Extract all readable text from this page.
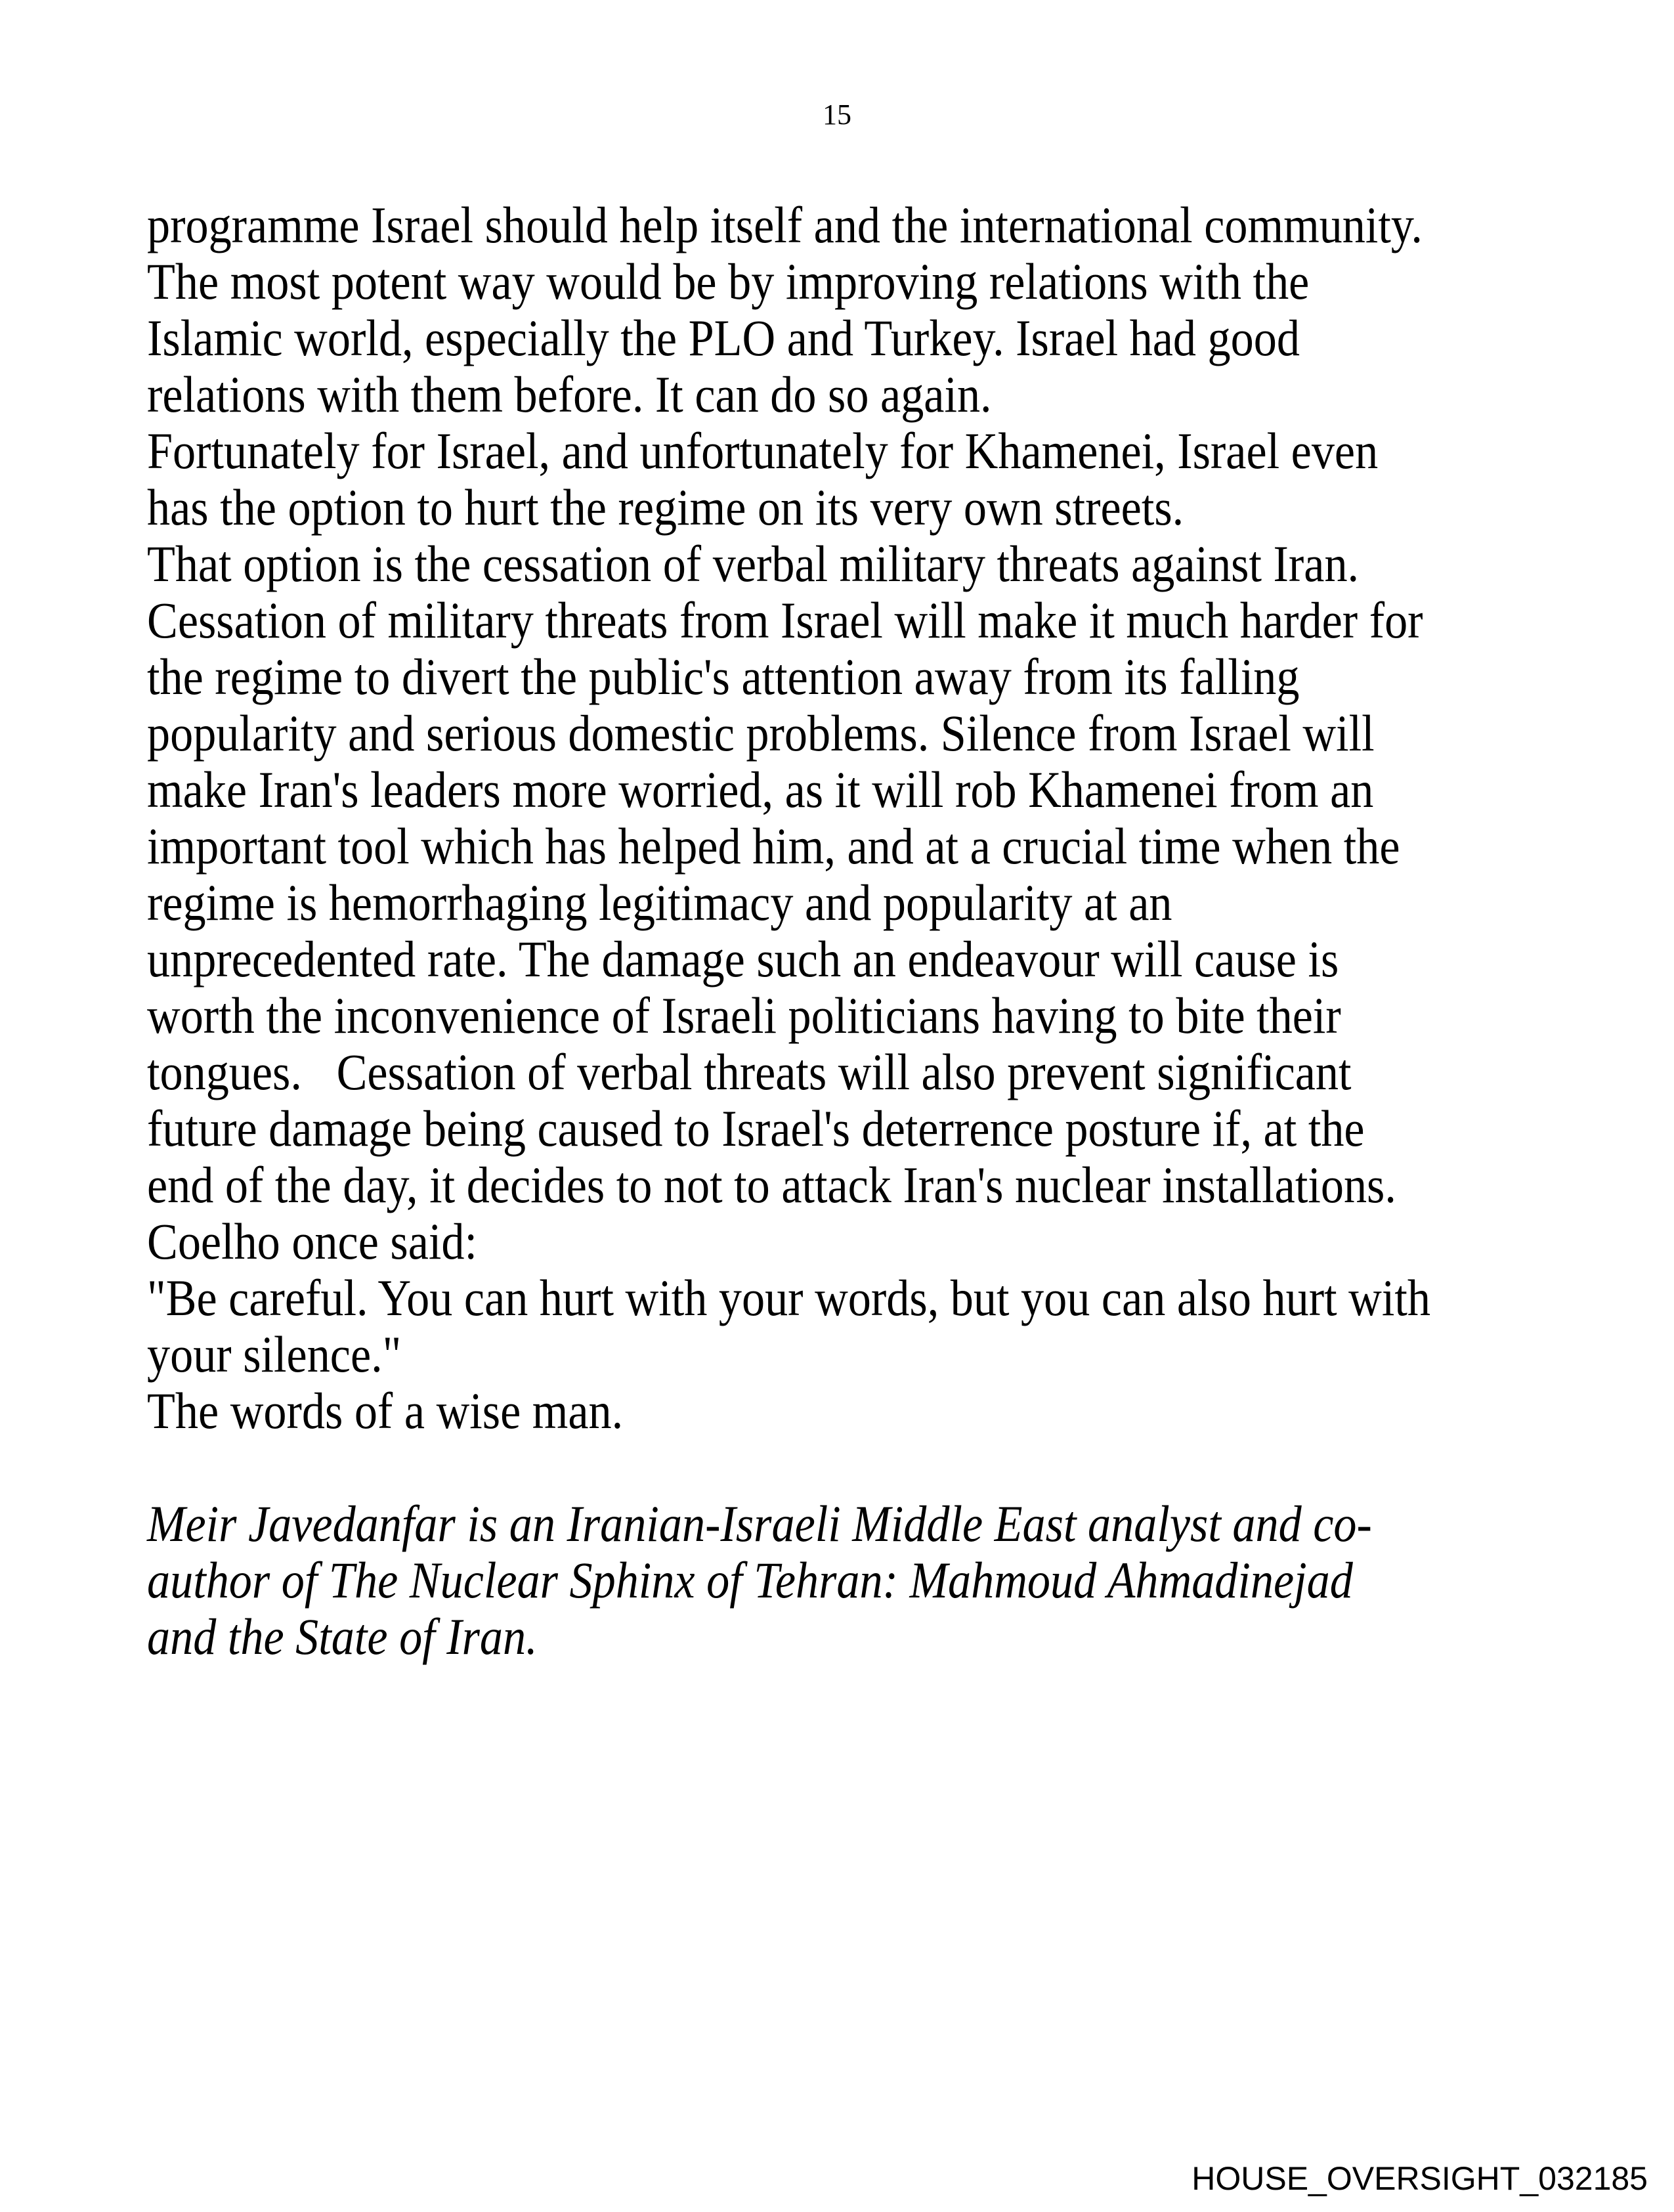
15
programme Israel should help itself and the international community.
The most potent way would be by improving relations with the
Islamic world, especially the PLO and Turkey. Israel had good
relations with them before. It can do so again.
Fortunately for Israel, and unfortunately for Khamenei, Israel even
has the option to hurt the regime on its very own streets.
That option is the cessation of verbal military threats against Iran.
Cessation of military threats from Israel will make it much harder for
the regime to divert the public's attention away from its falling
popularity and serious domestic problems. Silence from Israel will
make Iran's leaders more worried, as it will rob Khamenei from an
important tool which has helped him, and at a crucial time when the
regime is hemorrhaging legitimacy and popularity at an
unprecedented rate. The damage such an endeavour will cause is
worth the inconvenience of Israeli politicians having to bite their
tongues.   Cessation of verbal threats will also prevent significant
future damage being caused to Israel's deterrence posture if, at the
end of the day, it decides to not to attack Iran's nuclear installations.
Coelho once said:
"Be careful. You can hurt with your words, but you can also hurt with
your silence."
The words of a wise man.
Meir Javedanfar is an Iranian-Israeli Middle East analyst and co-
author of The Nuclear Sphinx of Tehran: Mahmoud Ahmadinejad
and the State of Iran.
HOUSE_OVERSIGHT_032185
